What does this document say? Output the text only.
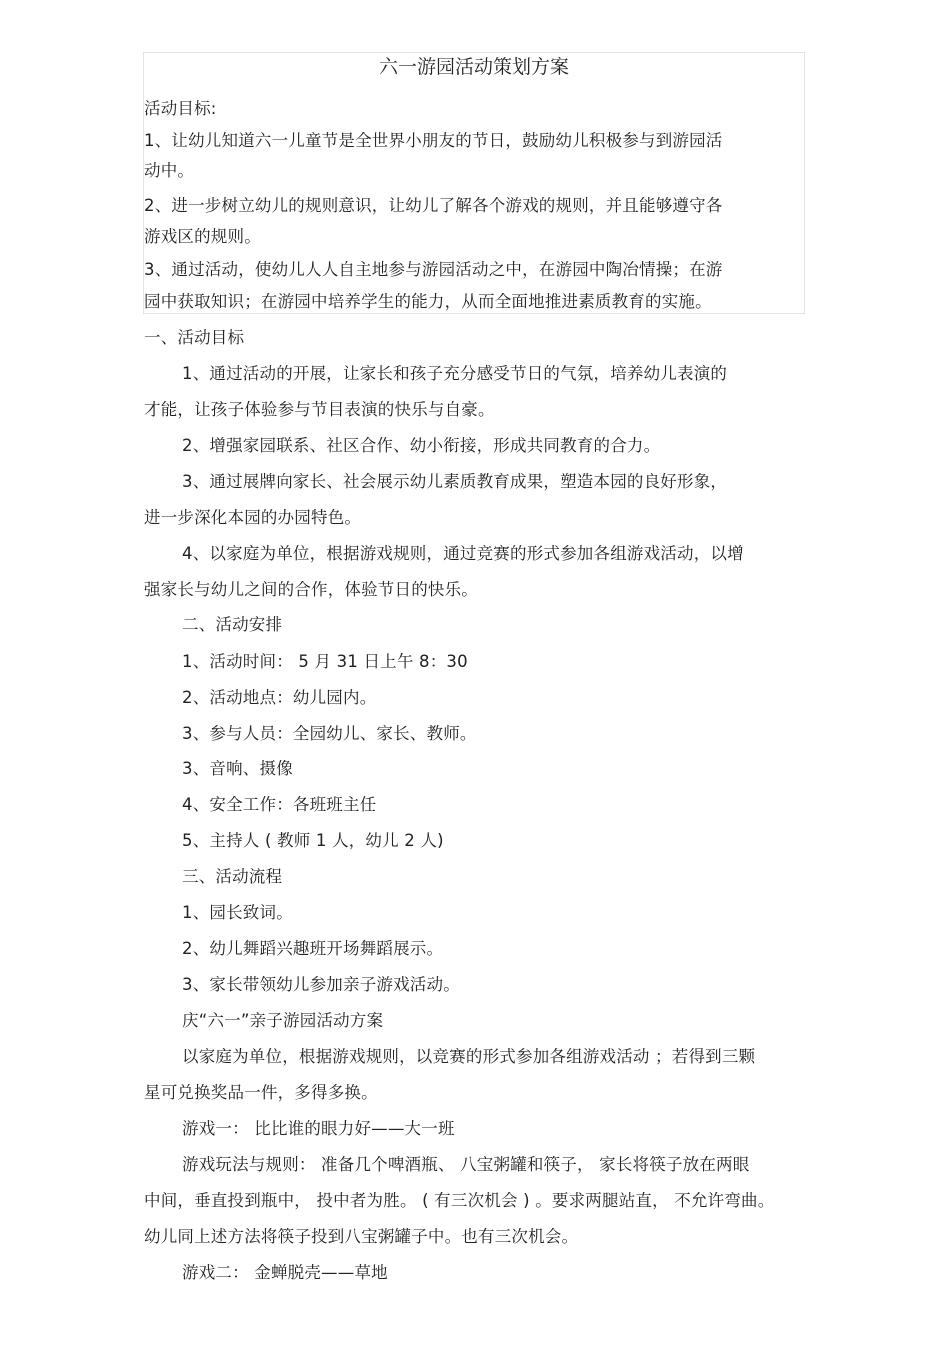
六一游园活动策划方案
活动目标:
1、让幼儿知道六一儿童节是全世界小朋友的节日，鼓励幼儿积极参与到游园活
动中。
2、进一步树立幼儿的规则意识，让幼儿了解各个游戏的规则，并且能够遵守各
游戏区的规则。
3、通过活动，使幼儿人人自主地参与游园活动之中，在游园中陶冶情操；在游
园中获取知识；在游园中培养学生的能力，从而全面地推进素质教育的实施。
一、活动目标
1、通过活动的开展，让家长和孩子充分感受节日的气氛，培养幼儿表演的
才能，让孩子体验参与节目表演的快乐与自豪。
2、增强家园联系、社区合作、幼小衔接，形成共同教育的合力。
3、通过展牌向家长、社会展示幼儿素质教育成果，塑造本园的良好形象，
进一步深化本园的办园特色。
4、以家庭为单位，根据游戏规则，通过竞赛的形式参加各组游戏活动，以增
强家长与幼儿之间的合作，体验节日的快乐。
二、活动安排
1、活动时间： 5 月 31 日上午 8：30
2、活动地点：幼儿园内。
3、参与人员：全园幼儿、家长、教师。
3、音响、摄像
4、安全工作：各班班主任
5、主持人 ( 教师 1 人，幼儿 2 人)
三、活动流程
1、园长致词。
2、幼儿舞蹈兴趣班开场舞蹈展示。
3、家长带领幼儿参加亲子游戏活动。
庆“六一”亲子游园活动方案
以家庭为单位，根据游戏规则，以竞赛的形式参加各组游戏活动 ；若得到三颗
星可兑换奖品一件，多得多换。
游戏一： 比比谁的眼力好——大一班
游戏玩法与规则： 准备几个啤酒瓶、 八宝粥罐和筷子， 家长将筷子放在两眼
中间，垂直投到瓶中， 投中者为胜。 ( 有三次机会 ) 。要求两腿站直， 不允许弯曲。
幼儿同上述方法将筷子投到八宝粥罐子中。也有三次机会。
游戏二： 金蝉脱壳——草地
